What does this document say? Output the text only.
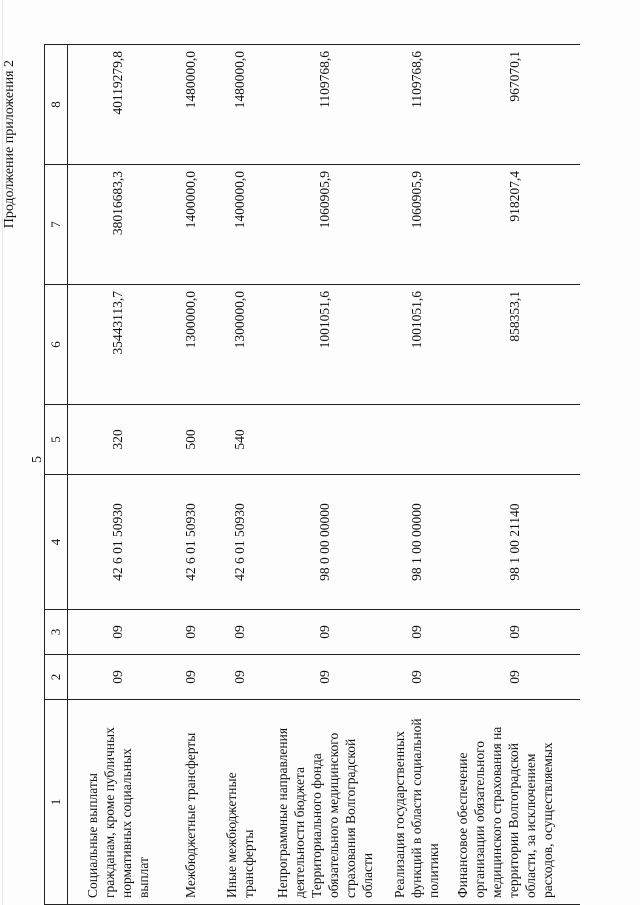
5
Продолжение приложения 2
1	2	3	4	5	6	7	8
Социальные выплаты гражданам, кроме публичных нормативных социальных выплат	09	09	42 6 01 50930	320	35443113,7	38016683,3	40119279,8
Межбюджетные трансферты	09	09	42 6 01 50930	500	1300000,0	1400000,0	1480000,0
Иные межбюджетные трансферты	09	09	42 6 01 50930	540	1300000,0	1400000,0	1480000,0
Непрограммные направления деятельности бюджета Территориального фонда обязательного медицинского страхования Волгоградской области	09	09	98 0 00 00000		1001051,6	1060905,9	1109768,6
Реализация государственных функций в области социальной политики	09	09	98 1 00 00000		1001051,6	1060905,9	1109768,6
Финансовое обеспечение организации обязательного медицинского страхования на территории Волгоградской области, за исключением расходов, осуществляемых	09	09	98 1 00 21140		858353,1	918207,4	967070,1
